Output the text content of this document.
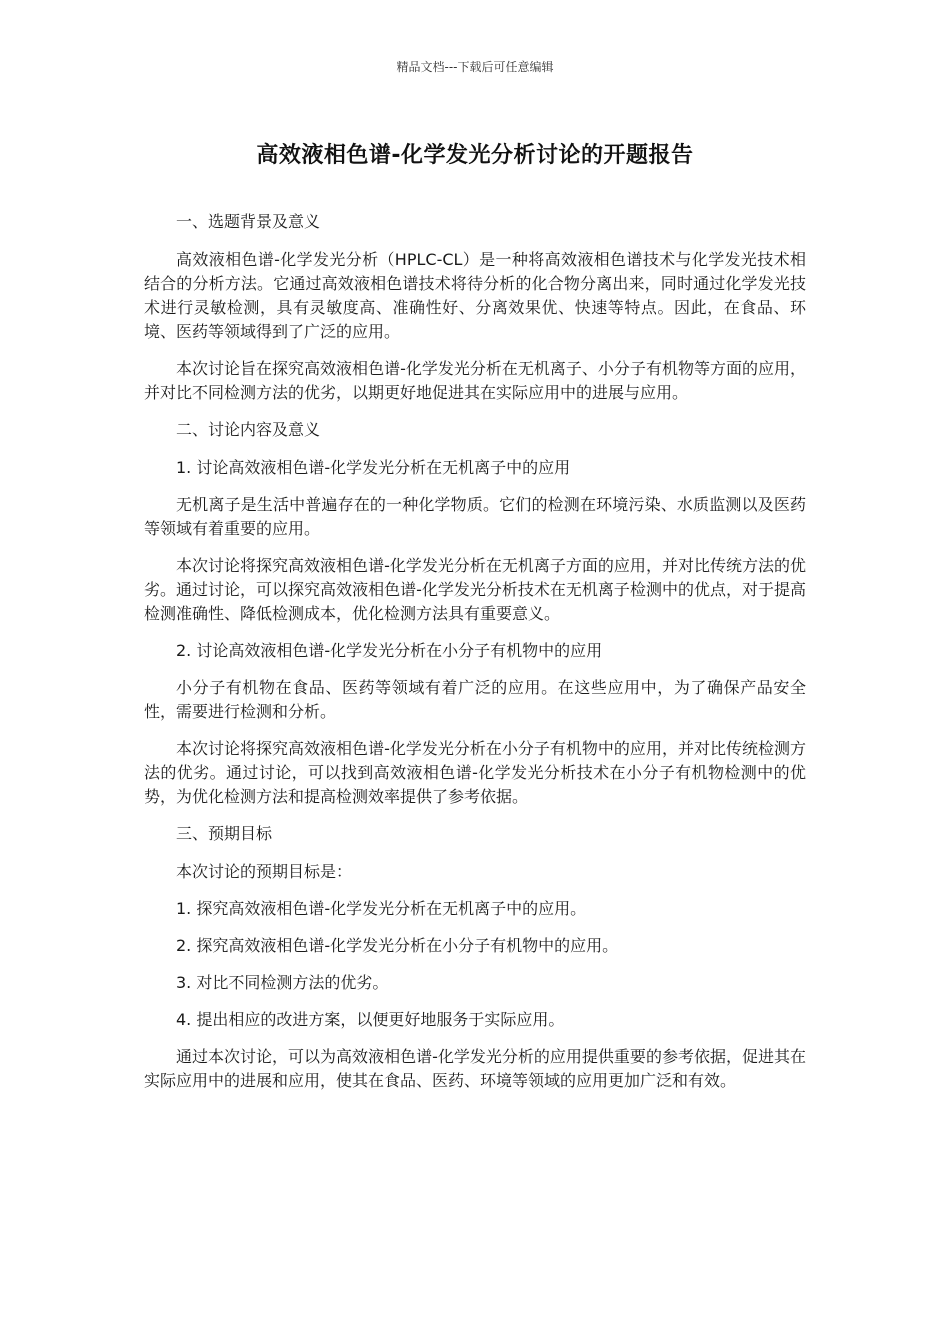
精品文档---下载后可任意编辑
高效液相色谱-化学发光分析讨论的开题报告

一、选题背景及意义

高效液相色谱-化学发光分析（HPLC-CL）是一种将高效液相色谱技术与化学发光技术相结合的分析方法。它通过高效液相色谱技术将待分析的化合物分离出来，同时通过化学发光技术进行灵敏检测，具有灵敏度高、准确性好、分离效果优、快速等特点。因此，在食品、环境、医药等领域得到了广泛的应用。

本次讨论旨在探究高效液相色谱-化学发光分析在无机离子、小分子有机物等方面的应用，并对比不同检测方法的优劣，以期更好地促进其在实际应用中的进展与应用。

二、讨论内容及意义

1. 讨论高效液相色谱-化学发光分析在无机离子中的应用

无机离子是生活中普遍存在的一种化学物质。它们的检测在环境污染、水质监测以及医药等领域有着重要的应用。

本次讨论将探究高效液相色谱-化学发光分析在无机离子方面的应用，并对比传统方法的优劣。通过讨论，可以探究高效液相色谱-化学发光分析技术在无机离子检测中的优点，对于提高检测准确性、降低检测成本，优化检测方法具有重要意义。

2. 讨论高效液相色谱-化学发光分析在小分子有机物中的应用

小分子有机物在食品、医药等领域有着广泛的应用。在这些应用中，为了确保产品安全性，需要进行检测和分析。

本次讨论将探究高效液相色谱-化学发光分析在小分子有机物中的应用，并对比传统检测方法的优劣。通过讨论，可以找到高效液相色谱-化学发光分析技术在小分子有机物检测中的优势，为优化检测方法和提高检测效率提供了参考依据。

三、预期目标

本次讨论的预期目标是：

1. 探究高效液相色谱-化学发光分析在无机离子中的应用。

2. 探究高效液相色谱-化学发光分析在小分子有机物中的应用。

3. 对比不同检测方法的优劣。

4. 提出相应的改进方案，以便更好地服务于实际应用。

通过本次讨论，可以为高效液相色谱-化学发光分析的应用提供重要的参考依据，促进其在实际应用中的进展和应用，使其在食品、医药、环境等领域的应用更加广泛和有效。
